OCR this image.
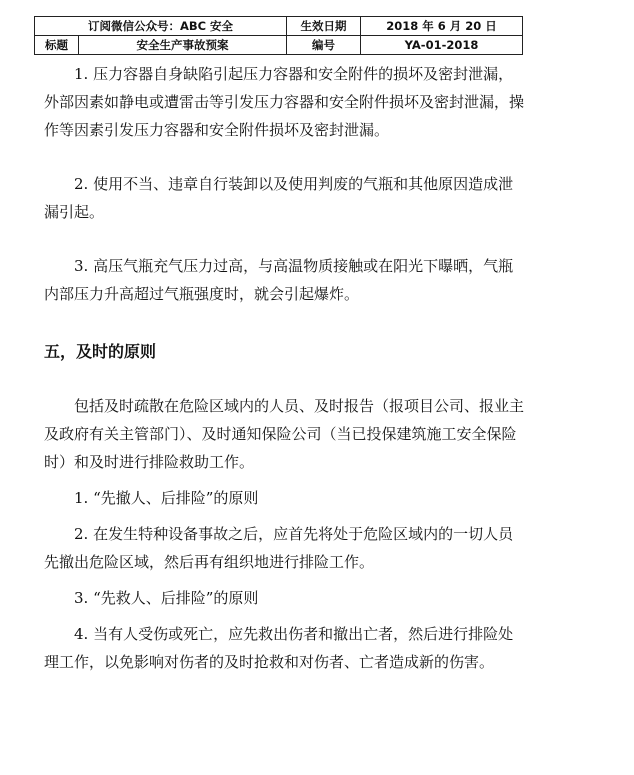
订阅微信公众号：ABC 安全		生效日期	2018 年 6 月 20 日
标题	安全生产事故预案	编号	YA-01-2018

1. 压力容器自身缺陷引起压力容器和安全附件的损坏及密封泄漏，外部因素如静电或遭雷击等引发压力容器和安全附件损坏及密封泄漏，操作等因素引发压力容器和安全附件损坏及密封泄漏。

2. 使用不当、违章自行装卸以及使用判废的气瓶和其他原因造成泄漏引起。

3. 高压气瓶充气压力过高，与高温物质接触或在阳光下曝晒，气瓶内部压力升高超过气瓶强度时，就会引起爆炸。

五，及时的原则

包括及时疏散在危险区域内的人员、及时报告（报项目公司、报业主及政府有关主管部门）、及时通知保险公司（当已投保建筑施工安全保险时）和及时进行排险救助工作。

1. “先撤人、后排险”的原则

2. 在发生特种设备事故之后，应首先将处于危险区域内的一切人员先撤出危险区域，然后再有组织地进行排险工作。

3. “先救人、后排险”的原则

4. 当有人受伤或死亡，应先救出伤者和撤出亡者，然后进行排险处理工作，以免影响对伤者的及时抢救和对伤者、亡者造成新的伤害。
